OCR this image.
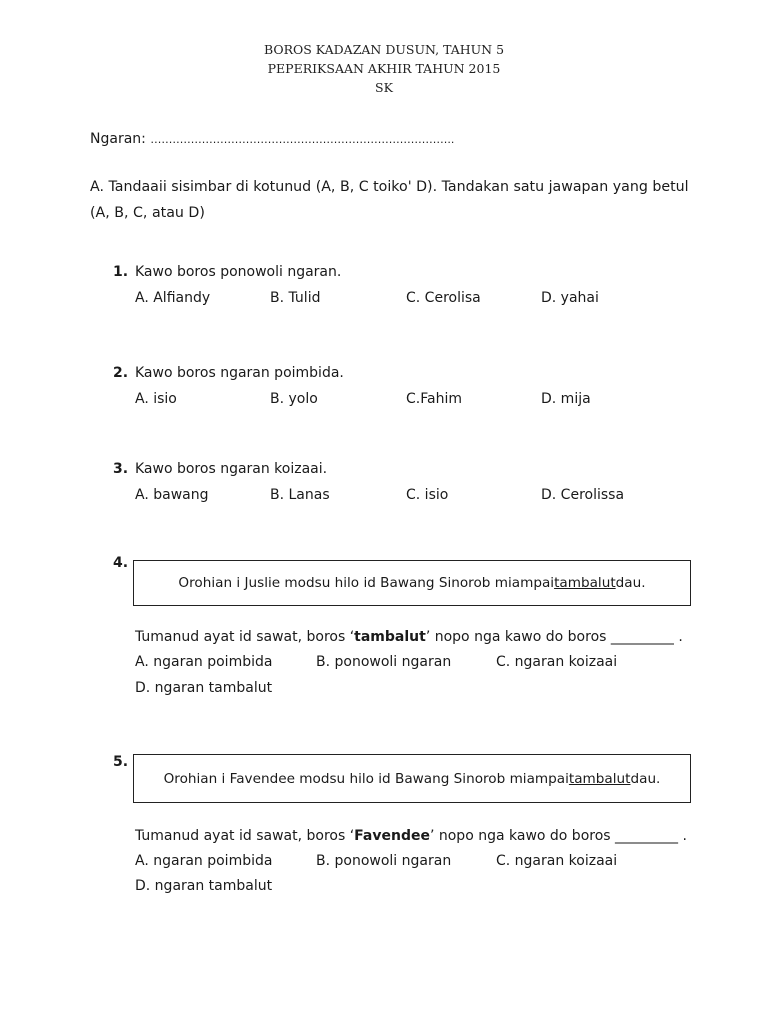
BOROS KADAZAN DUSUN, TAHUN 5
PEPERIKSAAN AKHIR TAHUN 2015
SK
Ngaran: ………………………………………………………………………..
A. Tandaaii sisimbar di kotunud (A, B, C toiko' D). Tandakan satu jawapan yang betul (A, B, C, atau D)
1. Kawo boros ponowoli ngaran.
A. Alfiandy	B. Tulid	C. Cerolisa	D. yahai
2. Kawo boros ngaran poimbida.
A. isio	B. yolo	C.Fahim	D. mija
3. Kawo boros ngaran koizaai.
A. bawang	B. Lanas	C. isio	D. Cerolissa
4.
Orohian i Juslie modsu hilo id Bawang Sinorob miampai tambalut dau.
Tumanud ayat id sawat, boros ‘tambalut’ nopo nga kawo do boros _________ .
A. ngaran poimbida	B. ponowoli ngaran	C. ngaran koizaai
D. ngaran tambalut
5.
Orohian i Favendee modsu hilo id Bawang Sinorob miampai tambalut dau.
Tumanud ayat id sawat, boros ‘Favendee’ nopo nga kawo do boros _________ .
A. ngaran poimbida	B. ponowoli ngaran	C. ngaran koizaai
D. ngaran tambalut
